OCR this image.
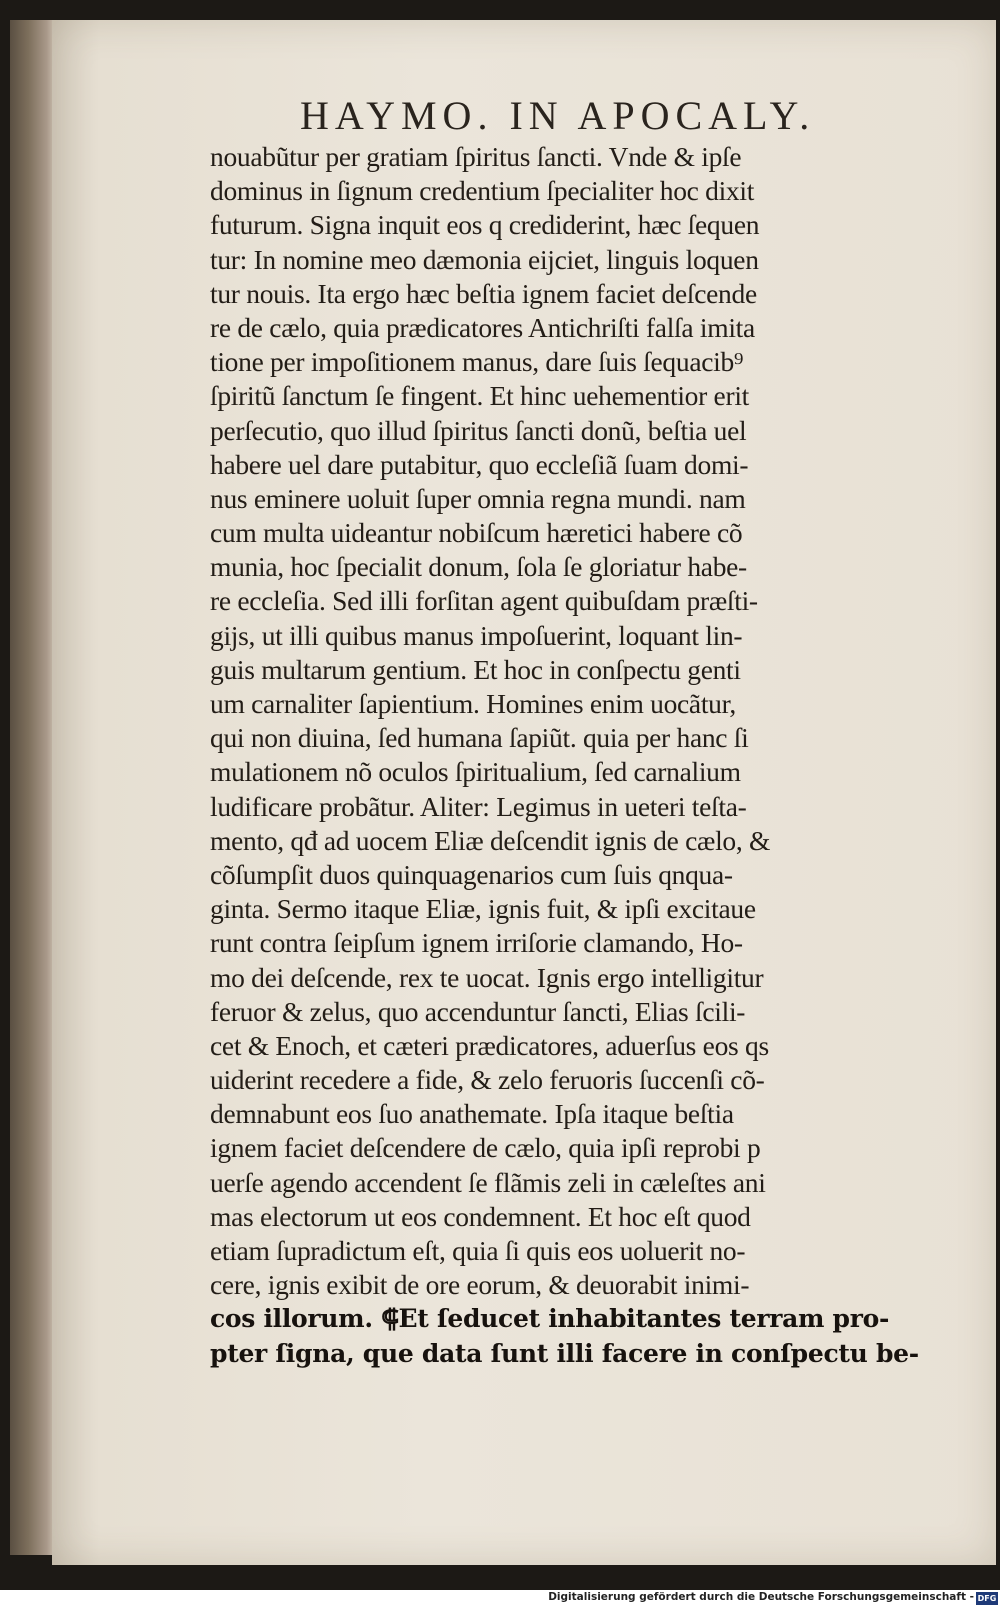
HAYMO. IN APOCALY.
nouabũtur per gratiam ſpiritus ſancti. Vnde & ipſe
dominus in ſignum credentium ſpecialiter hoc dixit
futurum. Signa inquit eos q crediderint, hæc ſequen
tur: In nomine meo dæmonia eijciet, linguis loquen
tur nouis. Ita ergo hæc beſtia ignem faciet deſcende
re de cælo, quia prædicatores Antichriſti falſa imita
tione per impoſitionem manus, dare ſuis ſequacib⁹
ſpiritũ ſanctum ſe fingent. Et hinc uehementior erit
perſecutio, quo illud ſpiritus ſancti donũ, beſtia uel
habere uel dare putabitur, quo eccleſiã ſuam domi-
nus eminere uoluit ſuper omnia regna mundi. nam
cum multa uideantur nobiſcum hæretici habere cõ
munia, hoc ſpecialit donum, ſola ſe gloriatur habe-
re eccleſia. Sed illi forſitan agent quibuſdam præſti-
gijs, ut illi quibus manus impoſuerint, loquant lin-
guis multarum gentium. Et hoc in conſpectu genti
um carnaliter ſapientium. Homines enim uocãtur,
qui non diuina, ſed humana ſapiũt. quia per hanc ſi
mulationem nõ oculos ſpiritualium, ſed carnalium
ludificare probãtur. Aliter: Legimus in ueteri teſta-
mento, qđ ad uocem Eliæ deſcendit ignis de cælo, &
cõſumpſit duos quinquagenarios cum ſuis qnqua-
ginta. Sermo itaque Eliæ, ignis fuit, & ipſi excitaue
runt contra ſeipſum ignem irriſorie clamando, Ho-
mo dei deſcende, rex te uocat. Ignis ergo intelligitur
feruor & zelus, quo accenduntur ſancti, Elias ſcili-
cet & Enoch, et cæteri prædicatores, aduerſus eos qs
uiderint recedere a fide, & zelo feruoris ſuccenſi cõ-
demnabunt eos ſuo anathemate. Ipſa itaque beſtia
ignem faciet deſcendere de cælo, quia ipſi reprobi p
uerſe agendo accendent ſe flãmis zeli in cæleſtes ani
mas electorum ut eos condemnent. Et hoc eſt quod
etiam ſupradictum eſt, quia ſi quis eos uoluerit no-
cere, ignis exibit de ore eorum, & deuorabit inimi-
cos illorum. ⸿Et ſeducet inhabitantes terram pro-
pter ſigna, que data ſunt illi facere in conſpectu be-
Digitalisierung gefördert durch die Deutsche Forschungsgemeinschaft - DFG
